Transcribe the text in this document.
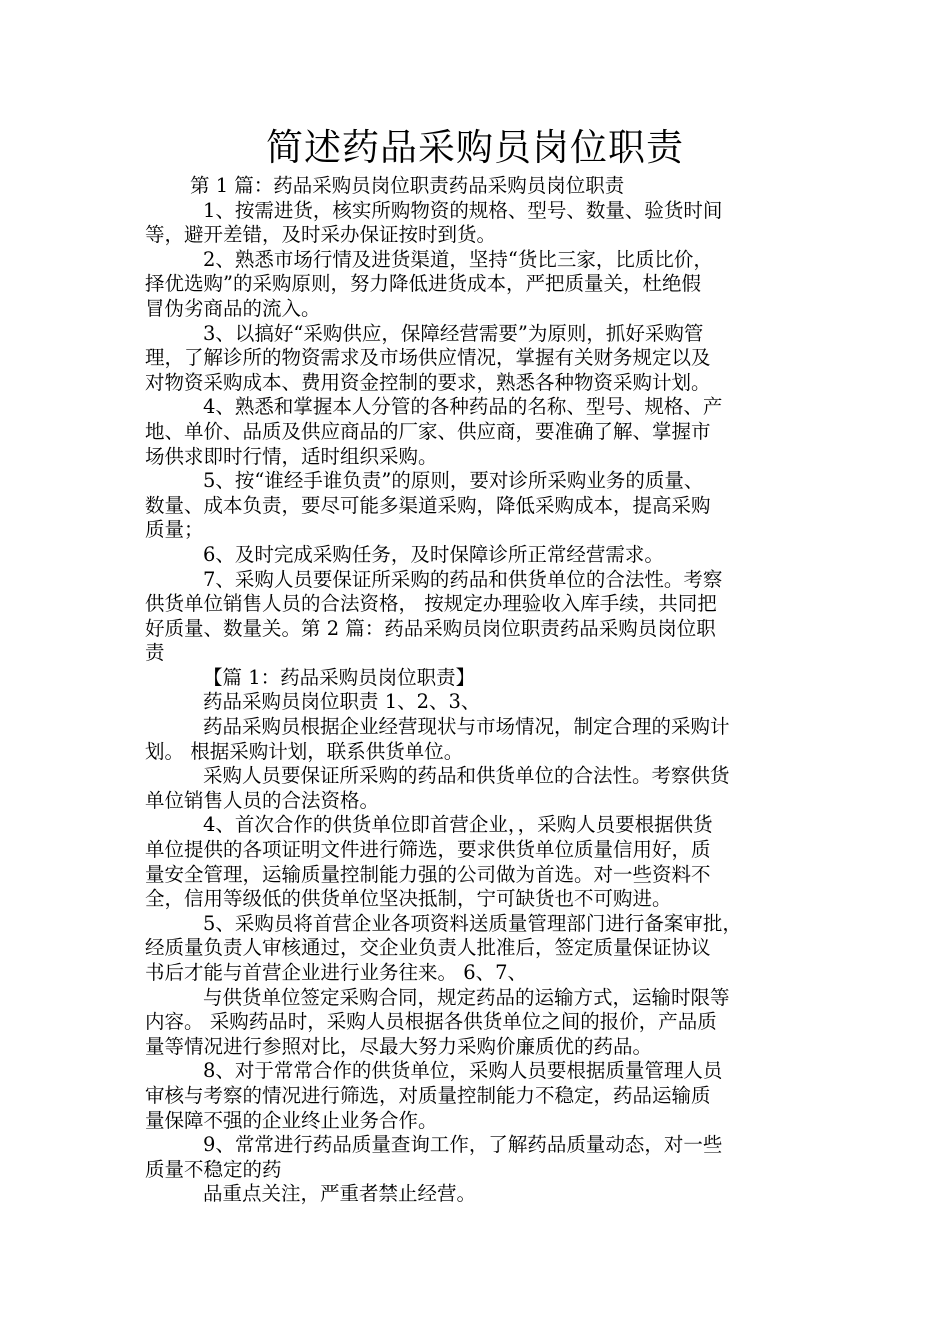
简述药品采购员岗位职责

第 1 篇：药品采购员岗位职责药品采购员岗位职责

1、按需进货，核实所购物资的规格、型号、数量、验货时间
等，避开差错，及时采办保证按时到货。

2、熟悉市场行情及进货渠道，坚持“货比三家，比质比价，
择优选购”的采购原则，努力降低进货成本，严把质量关，杜绝假
冒伪劣商品的流入。

3、以搞好“采购供应，保障经营需要”为原则，抓好采购管
理，了解诊所的物资需求及市场供应情况，掌握有关财务规定以及
对物资采购成本、费用资金控制的要求，熟悉各种物资采购计划。

4、熟悉和掌握本人分管的各种药品的名称、型号、规格、产
地、单价、品质及供应商品的厂家、供应商，要准确了解、掌握市
场供求即时行情，适时组织采购。

5、按“谁经手谁负责”的原则，要对诊所采购业务的质量、
数量、成本负责，要尽可能多渠道采购，降低采购成本，提高采购
质量；

6、及时完成采购任务，及时保障诊所正常经营需求。

7、采购人员要保证所采购的药品和供货单位的合法性。考察
供货单位销售人员的合法资格， 按规定办理验收入库手续，共同把
好质量、数量关。第 2 篇：药品采购员岗位职责药品采购员岗位职
责

【篇 1：药品采购员岗位职责】

药品采购员岗位职责 1、2、3、

药品采购员根据企业经营现状与市场情况，制定合理的采购计
划。 根据采购计划，联系供货单位。

采购人员要保证所采购的药品和供货单位的合法性。考察供货
单位销售人员的合法资格。

4、首次合作的供货单位即首营企业，，采购人员要根据供货
单位提供的各项证明文件进行筛选，要求供货单位质量信用好，质
量安全管理，运输质量控制能力强的公司做为首选。对一些资料不
全，信用等级低的供货单位坚决抵制，宁可缺货也不可购进。

5、采购员将首营企业各项资料送质量管理部门进行备案审批，
经质量负责人审核通过，交企业负责人批准后，签定质量保证协议
书后才能与首营企业进行业务往来。 6、7、

与供货单位签定采购合同，规定药品的运输方式，运输时限等
内容。 采购药品时，采购人员根据各供货单位之间的报价，产品质
量等情况进行参照对比，尽最大努力采购价廉质优的药品。

8、对于常常合作的供货单位，采购人员要根据质量管理人员
审核与考察的情况进行筛选，对质量控制能力不稳定，药品运输质
量保障不强的企业终止业务合作。

9、常常进行药品质量查询工作，了解药品质量动态，对一些
质量不稳定的药

品重点关注，严重者禁止经营。
